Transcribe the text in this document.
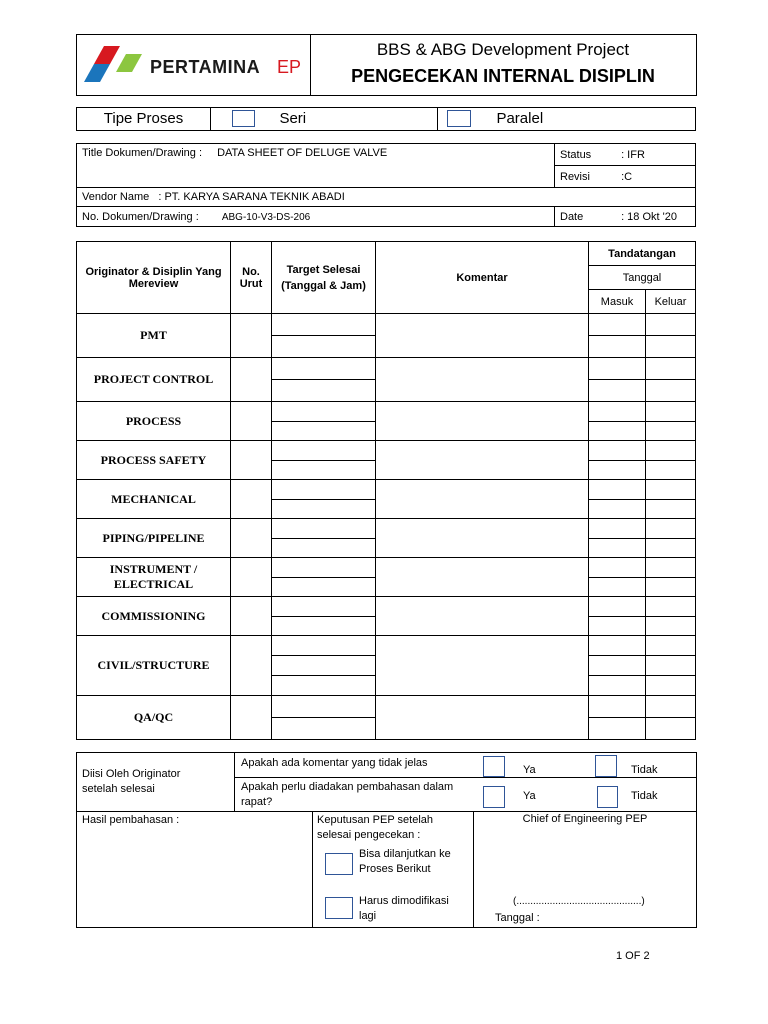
PERTAMINA EP
BBS & ABG Development Project
PENGECEKAN INTERNAL DISIPLIN
Tipe Proses	Seri	Paralel
Title Dokumen/Drawing : DATA SHEET OF DELUGE VALVE	Status : IFR
	Revisi :C
Vendor Name : PT. KARYA SARANA TEKNIK ABADI	
No. Dokumen/Drawing : ABG-10-V3-DS-206	Date : 18 Okt '20
Originator & Disiplin Yang Mereview	No. Urut	Target Selesai (Tanggal & Jam)	Komentar	Tandatangan	
				Tanggal	
				Masuk	Keluar
PMT					

PROJECT CONTROL					

PROCESS					

PROCESS SAFETY					

MECHANICAL					

PIPING/PIPELINE					

INSTRUMENT / ELECTRICAL					

COMMISSIONING					

CIVIL/STRUCTURE					

QA/QC					

Diisi Oleh Originator setelah selesai
Apakah ada komentar yang tidak jelas
Ya	Tidak
Apakah perlu diadakan pembahasan dalam rapat?	Ya	Tidak
Hasil pembahasan :	Keputusan PEP setelah selesai pengecekan :
Bisa dilanjutkan ke Proses Berikut
Harus dimodifikasi lagi
Chief of Engineering PEP
(.............................................)
Tanggal :
1 OF 2
